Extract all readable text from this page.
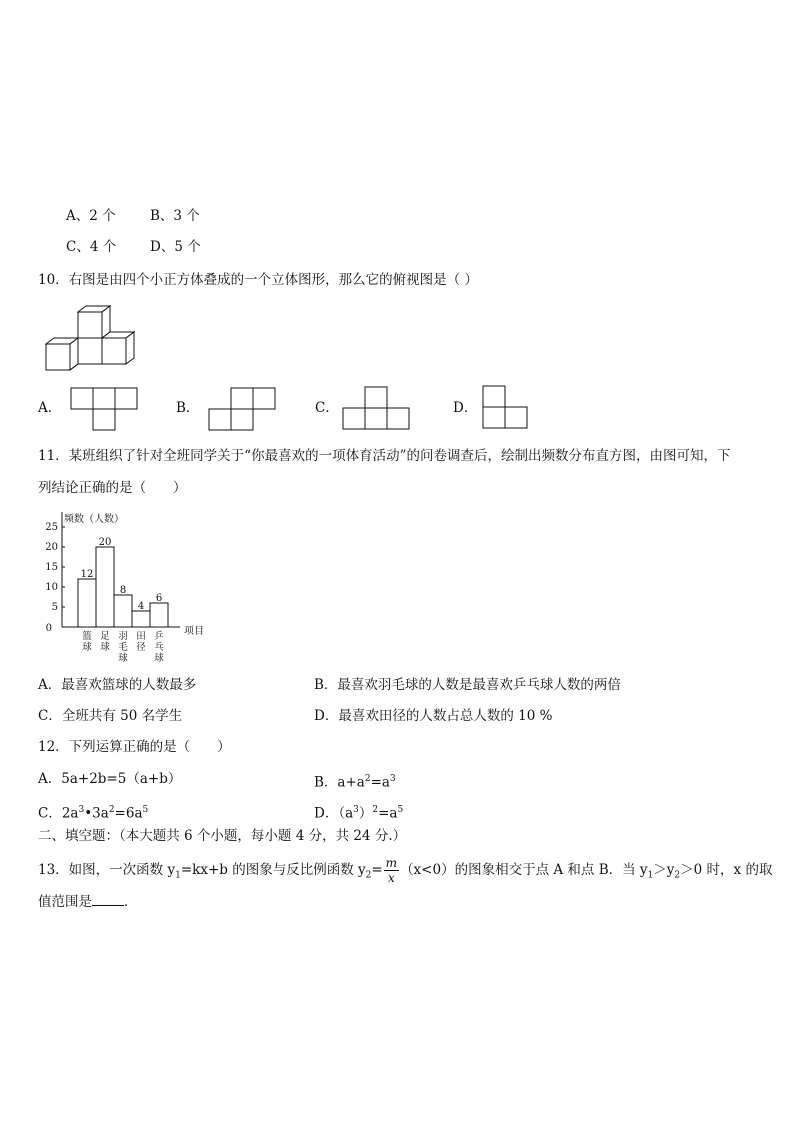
A、2 个	B、3 个
C、4 个	D、5 个
10．右图是由四个小正方体叠成的一个立体图形，那么它的俯视图是（ ）
A．	B．	C．	D．
11．某班组织了针对全班同学关于“你最喜欢的一项体育活动”的问卷调查后，绘制出频数分布直方图，由图可知，下
列结论正确的是（　　）
频数（人数）
项目
0
5
10
15
20
25
12
篮
球
20
足
球
8
羽
毛
球
4
田
径
6
乒
乓
球
A．最喜欢篮球的人数最多	B．最喜欢羽毛球的人数是最喜欢乒乓球人数的两倍
C．全班共有 50 名学生	D．最喜欢田径的人数占总人数的 10 %
12．下列运算正确的是（　　）
A．5a+2b=5（a+b）	B．$a+a^2=a^3$
C．$2a^3•3a^2=6a^5$	D．$(a^3)^2=a^5$
二、填空题：（本大题共 6 个小题，每小题 4 分，共 24 分.）
13．如图，一次函数 $y_1=kx+b$ 的图象与反比例函数 $y_2= \frac{m}{x} (x<0)$的图象相交于点 A 和点 B．当 $y_1>y_2>0$ 时，x 的取
值范围是 ．
